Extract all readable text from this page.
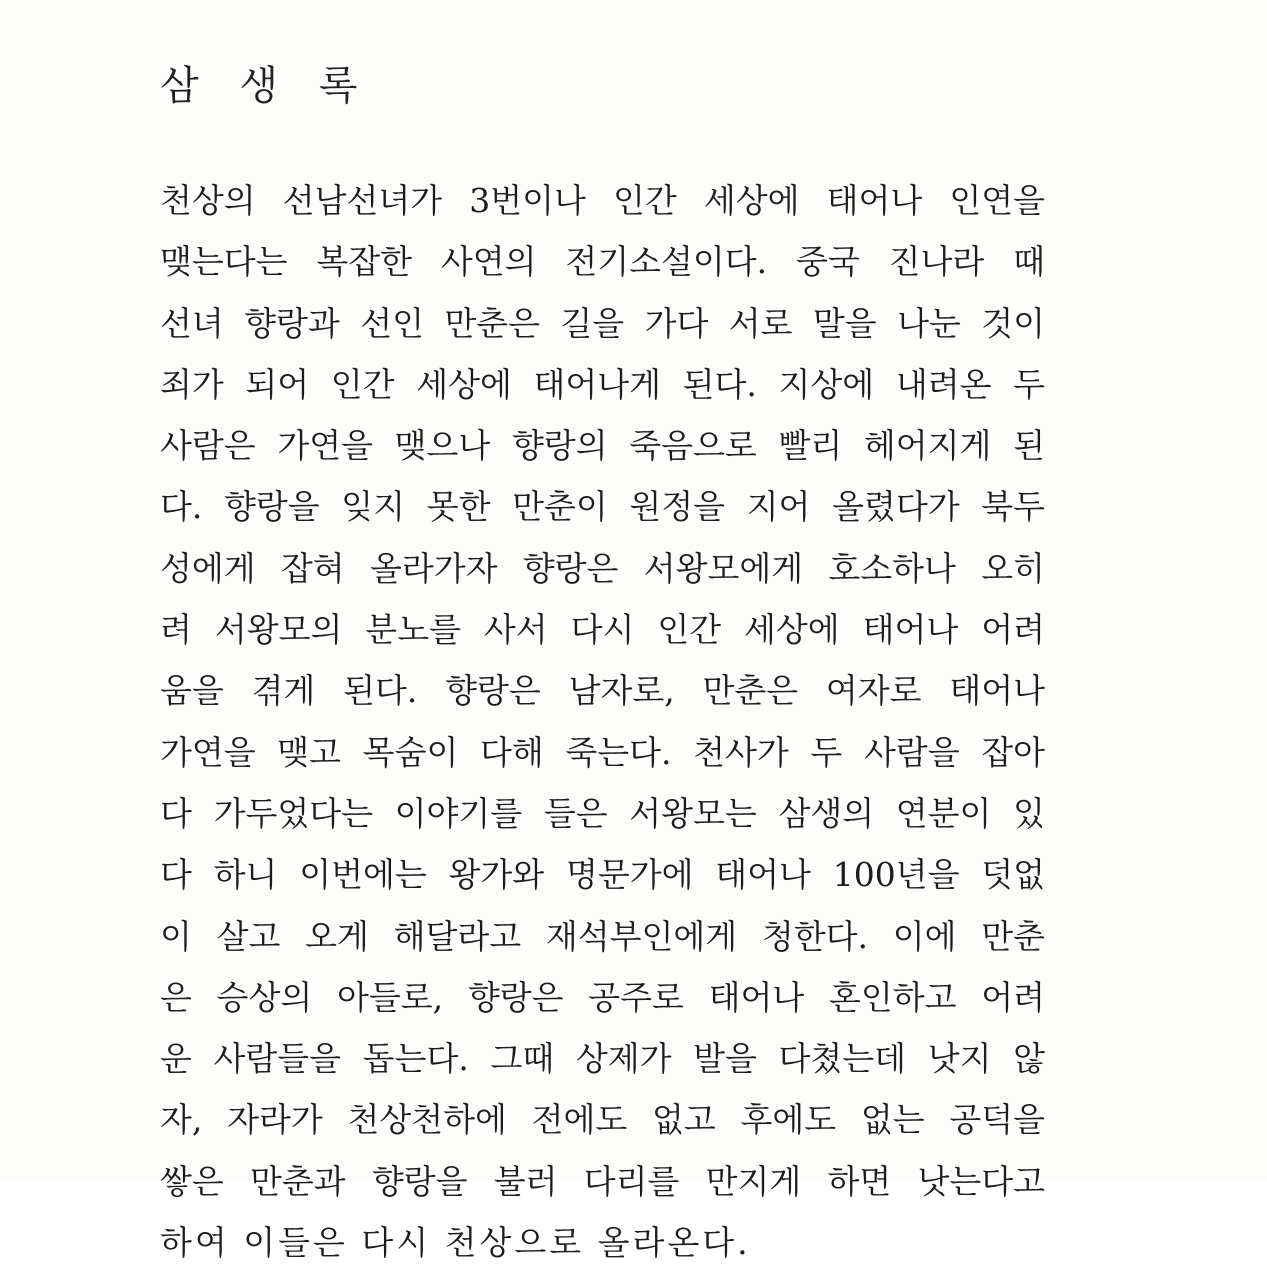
삼 생 록
천상의 선남선녀가 3번이나 인간 세상에 태어나 인연을
맺는다는 복잡한 사연의 전기소설이다. 중국 진나라 때
선녀 향랑과 선인 만춘은 길을 가다 서로 말을 나눈 것이
죄가 되어 인간 세상에 태어나게 된다. 지상에 내려온 두
사람은 가연을 맺으나 향랑의 죽음으로 빨리 헤어지게 된
다. 향랑을 잊지 못한 만춘이 원정을 지어 올렸다가 북두
성에게 잡혀 올라가자 향랑은 서왕모에게 호소하나 오히
려 서왕모의 분노를 사서 다시 인간 세상에 태어나 어려
움을 겪게 된다. 향랑은 남자로, 만춘은 여자로 태어나
가연을 맺고 목숨이 다해 죽는다. 천사가 두 사람을 잡아
다 가두었다는 이야기를 들은 서왕모는 삼생의 연분이 있
다 하니 이번에는 왕가와 명문가에 태어나 100년을 덧없
이 살고 오게 해달라고 재석부인에게 청한다. 이에 만춘
은 승상의 아들로, 향랑은 공주로 태어나 혼인하고 어려
운 사람들을 돕는다. 그때 상제가 발을 다쳤는데 낫지 않
자, 자라가 천상천하에 전에도 없고 후에도 없는 공덕을
쌓은 만춘과 향랑을 불러 다리를 만지게 하면 낫는다고
하여 이들은 다시 천상으로 올라온다.
